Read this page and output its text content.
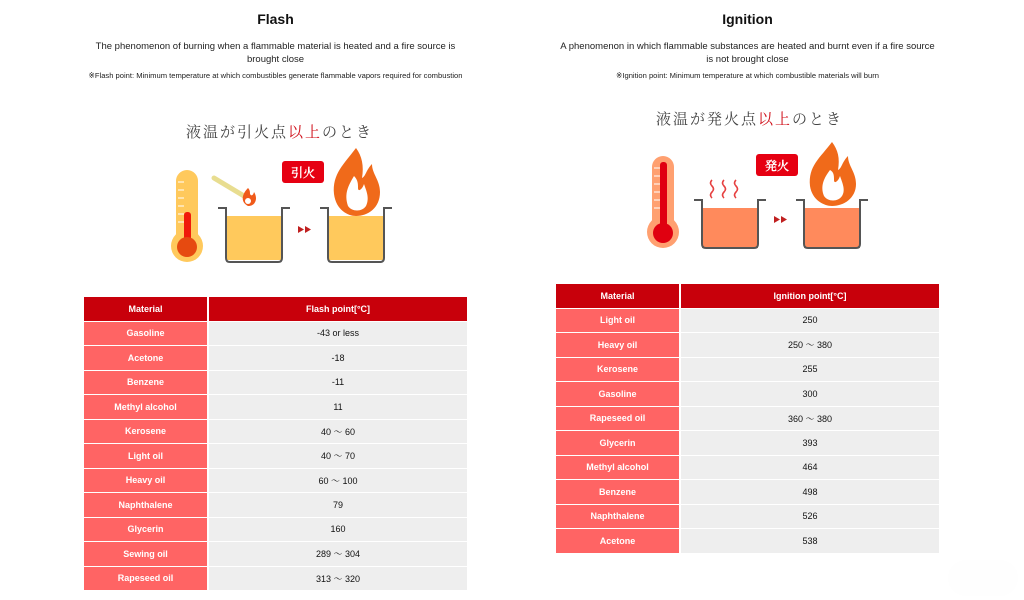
Flash

The phenomenon of burning when a flammable material is heated and a fire source is brought close

※Flash point: Minimum temperature at which combustibles generate flammable vapors required for combustion

液温が引火点以上のとき
引火
Material	Flash point[°C]
Gasoline	-43 or less
Acetone	-18
Benzene	-11
Methyl alcohol	11
Kerosene	40 ～ 60
Light oil	40 ～ 70
Heavy oil	60 ～ 100
Naphthalene	79
Glycerin	160
Sewing oil	289 ～ 304
Rapeseed oil	313 ～ 320
Ignition

A phenomenon in which flammable substances are heated and burnt even if a fire source is not brought close

※Ignition point: Minimum temperature at which combustible materials will burn

液温が発火点以上のとき
発火
Material	Ignition point[°C]
Light oil	250
Heavy oil	250 ～ 380
Kerosene	255
Gasoline	300
Rapeseed oil	360 ～ 380
Glycerin	393
Methyl alcohol	464
Benzene	498
Naphthalene	526
Acetone	538
